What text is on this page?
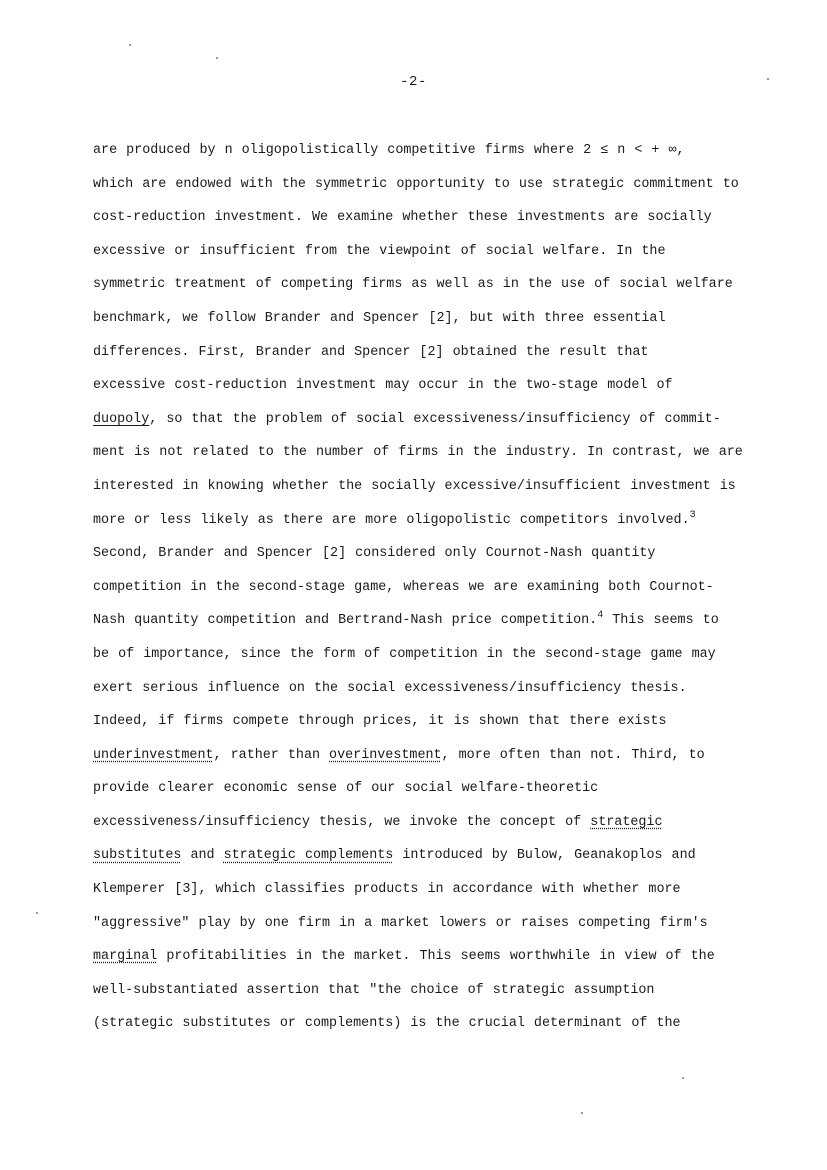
-2-
are produced by n oligopolistically competitive firms where 2 ≤ n < + ∞,
which are endowed with the symmetric opportunity to use strategic commitment to
cost-reduction investment. We examine whether these investments are socially
excessive or insufficient from the viewpoint of social welfare. In the
symmetric treatment of competing firms as well as in the use of social welfare
benchmark, we follow Brander and Spencer [2], but with three essential
differences. First, Brander and Spencer [2] obtained the result that
excessive cost-reduction investment may occur in the two-stage model of
duopoly, so that the problem of social excessiveness/insufficiency of commit-
ment is not related to the number of firms in the industry. In contrast, we are
interested in knowing whether the socially excessive/insufficient investment is
more or less likely as there are more oligopolistic competitors involved.$^3$
Second, Brander and Spencer [2] considered only Cournot-Nash quantity
competition in the second-stage game, whereas we are examining both Cournot-
Nash quantity competition and Bertrand-Nash price competition.$^4$ This seems to
be of importance, since the form of competition in the second-stage game may
exert serious influence on the social excessiveness/insufficiency thesis.
Indeed, if firms compete through prices, it is shown that there exists
underinvestment, rather than overinvestment, more often than not. Third, to
provide clearer economic sense of our social welfare-theoretic
excessiveness/insufficiency thesis, we invoke the concept of strategic
substitutes and strategic complements introduced by Bulow, Geanakoplos and
Klemperer [3], which classifies products in accordance with whether more
"aggressive" play by one firm in a market lowers or raises competing firm's
marginal profitabilities in the market. This seems worthwhile in view of the
well-substantiated assertion that "the choice of strategic assumption
(strategic substitutes or complements) is the crucial determinant of the
